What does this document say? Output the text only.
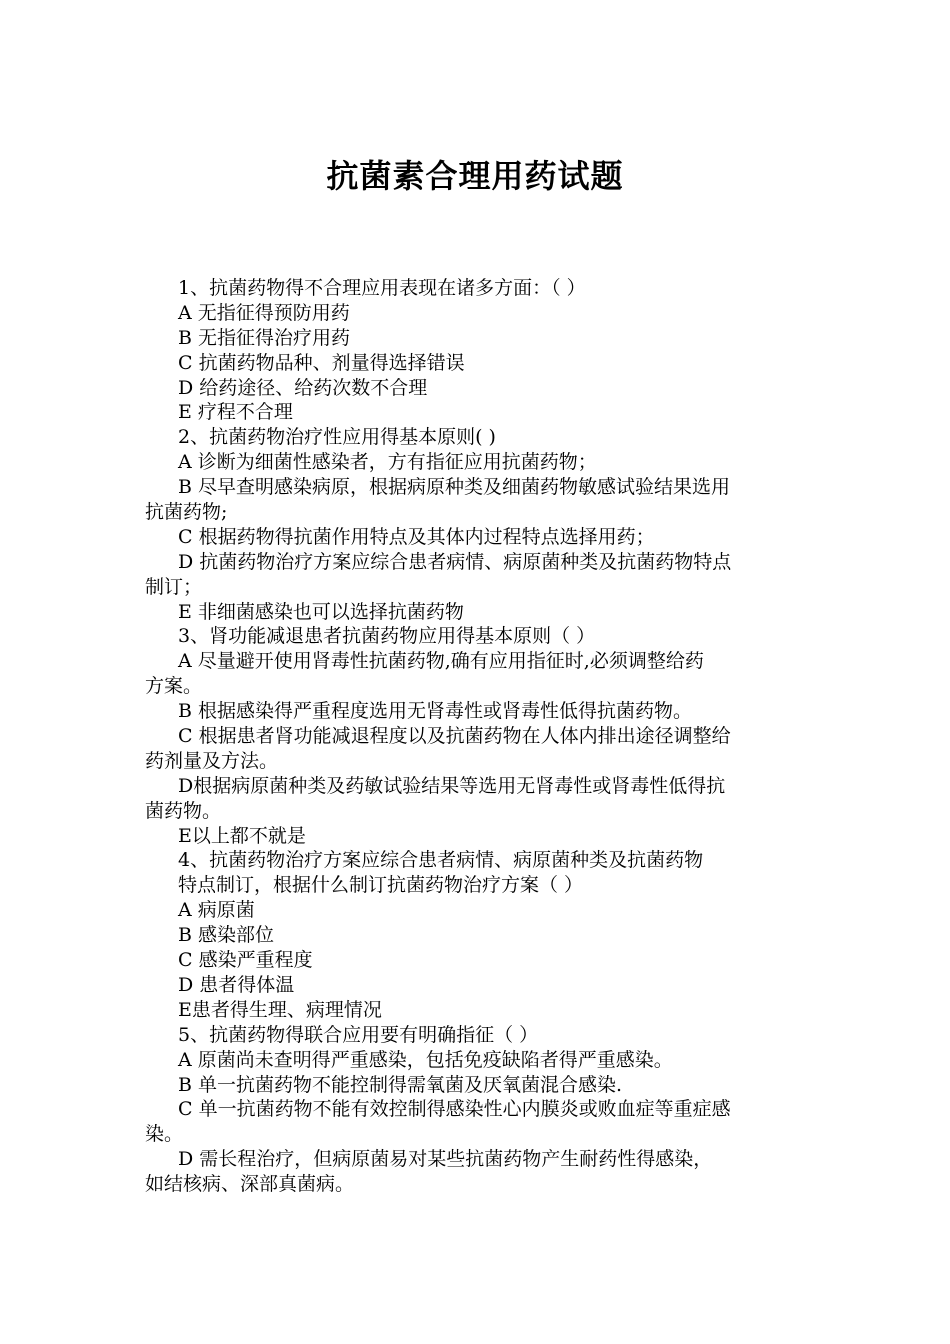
抗菌素合理用药试题
1、抗菌药物得不合理应用表现在诸多方面：（ ）
A 无指征得预防用药
B 无指征得治疗用药
C 抗菌药物品种、剂量得选择错误
D 给药途径、给药次数不合理
E 疗程不合理
2、抗菌药物治疗性应用得基本原则( )
A 诊断为细菌性感染者，方有指征应用抗菌药物；
B 尽早查明感染病原，根据病原种类及细菌药物敏感试验结果选用
抗菌药物;
C 根据药物得抗菌作用特点及其体内过程特点选择用药；
D 抗菌药物治疗方案应综合患者病情、病原菌种类及抗菌药物特点
制订；
E 非细菌感染也可以选择抗菌药物
3、肾功能减退患者抗菌药物应用得基本原则（ ）
A 尽量避开使用肾毒性抗菌药物,确有应用指征时,必须调整给药
方案。
B 根据感染得严重程度选用无肾毒性或肾毒性低得抗菌药物。
C 根据患者肾功能减退程度以及抗菌药物在人体内排出途径调整给
药剂量及方法。
D根据病原菌种类及药敏试验结果等选用无肾毒性或肾毒性低得抗
菌药物。
E以上都不就是
4、抗菌药物治疗方案应综合患者病情、病原菌种类及抗菌药物
特点制订，根据什么制订抗菌药物治疗方案（ ）
A 病原菌
B 感染部位
C 感染严重程度
D 患者得体温
E患者得生理、病理情况
5、抗菌药物得联合应用要有明确指征（ ）
A 原菌尚未查明得严重感染，包括免疫缺陷者得严重感染。
B 单一抗菌药物不能控制得需氧菌及厌氧菌混合感染.
C 单一抗菌药物不能有效控制得感染性心内膜炎或败血症等重症感
染。
D 需长程治疗，但病原菌易对某些抗菌药物产生耐药性得感染，
如结核病、深部真菌病。
